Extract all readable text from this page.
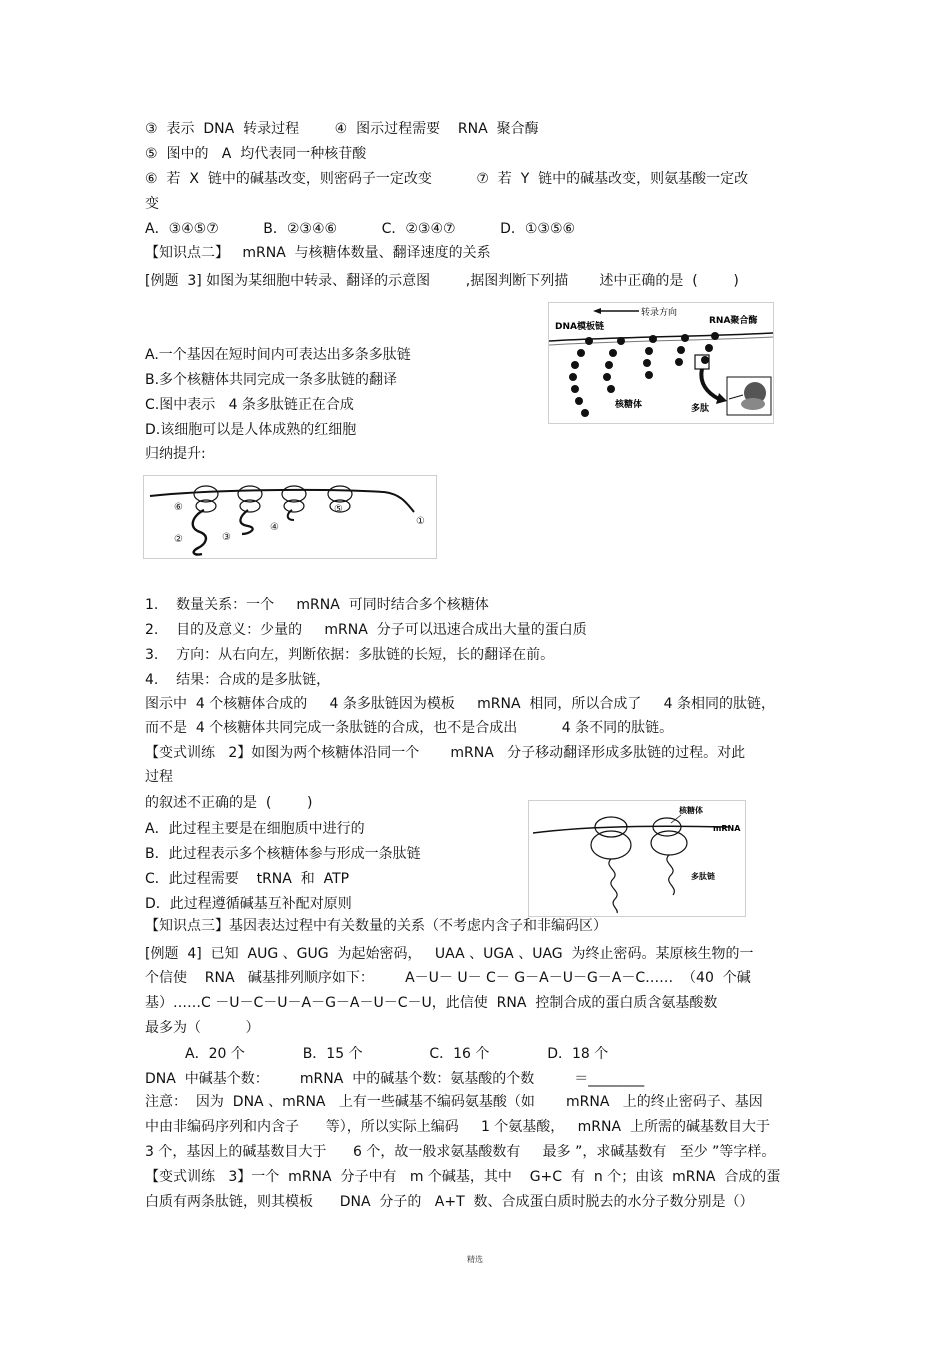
③  表示  DNA  转录过程        ④  图示过程需要    RNA  聚合酶
⑤  图中的   A  均代表同一种核苷酸
⑥  若  X  链中的碱基改变，则密码子一定改变          ⑦  若  Y  链中的碱基改变，则氨基酸一定改
变
A．③④⑤⑦          B．②③④⑥          C．②③④⑦          D．①③⑤⑥
【知识点二】   mRNA  与核糖体数量、翻译速度的关系
[例题  3] 如图为某细胞中转录、翻译的示意图        ,据图判断下列描       述中正确的是  (        )
A.一个基因在短时间内可表达出多条多肽链
B.多个核糖体共同完成一条多肽链的翻译
C.图中表示   4 条多肽链正在合成
D.该细胞可以是人体成熟的红细胞
归纳提升:
1.    数量关系：一个     mRNA  可同时结合多个核糖体
2.    目的及意义：少量的     mRNA  分子可以迅速合成出大量的蛋白质
3.    方向：从右向左，判断依据：多肽链的长短，长的翻译在前。
4.    结果：合成的是多肽链，
图示中  4 个核糖体合成的     4 条多肽链因为模板     mRNA  相同，所以合成了     4 条相同的肽链，
而不是  4 个核糖体共同完成一条肽链的合成，也不是合成出          4 条不同的肽链。
【变式训练   2】如图为两个核糖体沿同一个       mRNA   分子移动翻译形成多肽链的过程。对此
过程
的叙述不正确的是  (        )
A．此过程主要是在细胞质中进行的
B．此过程表示多个核糖体参与形成一条肽链
C．此过程需要    tRNA  和  ATP
D．此过程遵循碱基互补配对原则
【知识点三】基因表达过程中有关数量的关系（不考虑内含子和非编码区）
[例题  4]  已知  AUG 、GUG  为起始密码，   UAA 、UGA 、UAG  为终止密码。某原核生物的一
个信使    RNA   碱基排列顺序如下：       A－U－ U－ C－ G－A－U－G－A－C……  （40  个碱
基）……C －U－C－U－A－G－A－U－C－U，此信使  RNA  控制合成的蛋白质含氨基酸数
最多为（          ）
A．20 个             B．15 个               C．16 个             D．18 个
DNA  中碱基个数：       mRNA  中的碱基个数：氨基酸的个数         ＝________
注意：  因为  DNA 、mRNA   上有一些碱基不编码氨基酸（如       mRNA   上的终止密码子、基因
中由非编码序列和内含子      等），所以实际上编码     1 个氨基酸，   mRNA  上所需的碱基数目大于
3 个，基因上的碱基数目大于      6 个，故一般求氨基酸数有     最多 ”，求碱基数有   至少 ”等字样。
【变式训练   3】一个  mRNA  分子中有   m 个碱基，其中    G+C  有  n 个；由该  mRNA  合成的蛋
白质有两条肽链，则其模板      DNA  分子的   A+T  数、合成蛋白质时脱去的水分子数分别是（）
转录方向
DNA模板链
RNA聚合酶
核糖体	多肽
①
②	③
④
⑤
⑥
核糖体
mRNA
多肽链
精选
